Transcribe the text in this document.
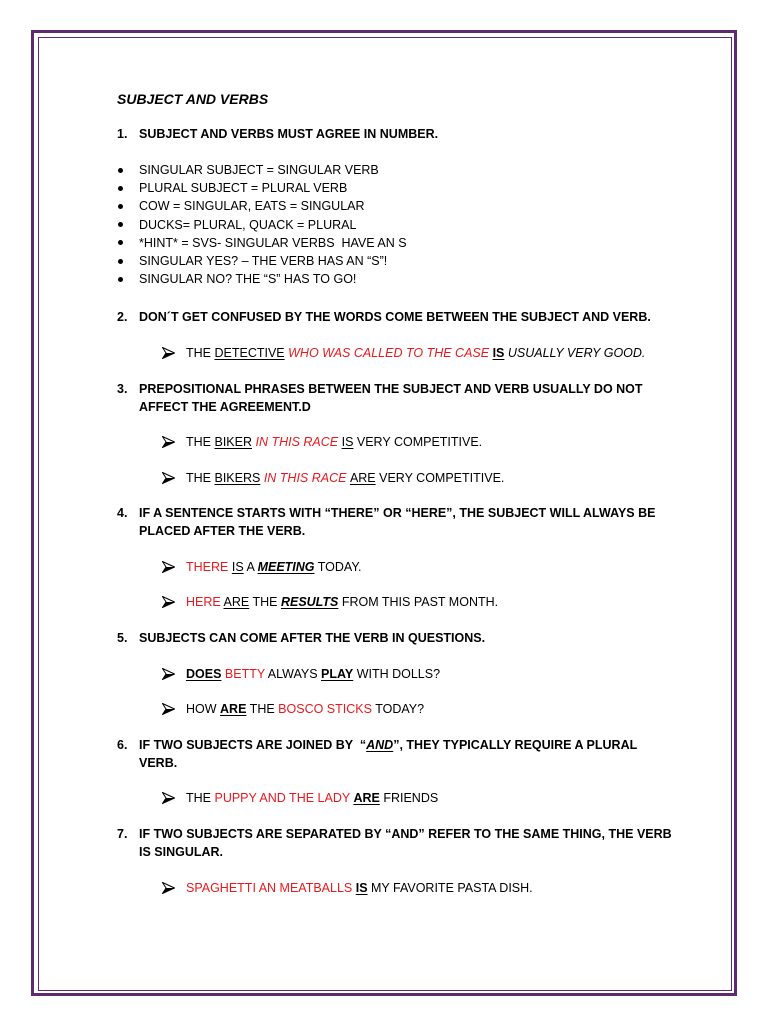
SUBJECT AND VERBS
1. SUBJECT AND VERBS MUST AGREE IN NUMBER.
SINGULAR SUBJECT = SINGULAR VERB
PLURAL SUBJECT = PLURAL VERB
COW = SINGULAR, EATS = SINGULAR
DUCKS= PLURAL, QUACK = PLURAL
*HINT* = SVS- SINGULAR VERBS  HAVE AN S
SINGULAR YES? – THE VERB HAS AN “S”!
SINGULAR NO? THE “S” HAS TO GO!
2. DON´T GET CONFUSED BY THE WORDS COME BETWEEN THE SUBJECT AND VERB.
THE DETECTIVE WHO WAS CALLED TO THE CASE IS USUALLY VERY GOOD.
3. PREPOSITIONAL PHRASES BETWEEN THE SUBJECT AND VERB USUALLY DO NOT
AFFECT THE AGREEMENT.D
THE BIKER IN THIS RACE IS VERY COMPETITIVE.
THE BIKERS IN THIS RACE ARE VERY COMPETITIVE.
4. IF A SENTENCE STARTS WITH “THERE” OR “HERE”, THE SUBJECT WILL ALWAYS BE
PLACED AFTER THE VERB.
THERE IS A MEETING TODAY.
HERE ARE THE RESULTS FROM THIS PAST MONTH.
5. SUBJECTS CAN COME AFTER THE VERB IN QUESTIONS.
DOES BETTY ALWAYS PLAY WITH DOLLS?
HOW ARE THE BOSCO STICKS TODAY?
6. IF TWO SUBJECTS ARE JOINED BY  “AND”, THEY TYPICALLY REQUIRE A PLURAL
VERB.
THE PUPPY AND THE LADY ARE FRIENDS
7. IF TWO SUBJECTS ARE SEPARATED BY “AND” REFER TO THE SAME THING, THE VERB
IS SINGULAR.
SPAGHETTI AN MEATBALLS IS MY FAVORITE PASTA DISH.
